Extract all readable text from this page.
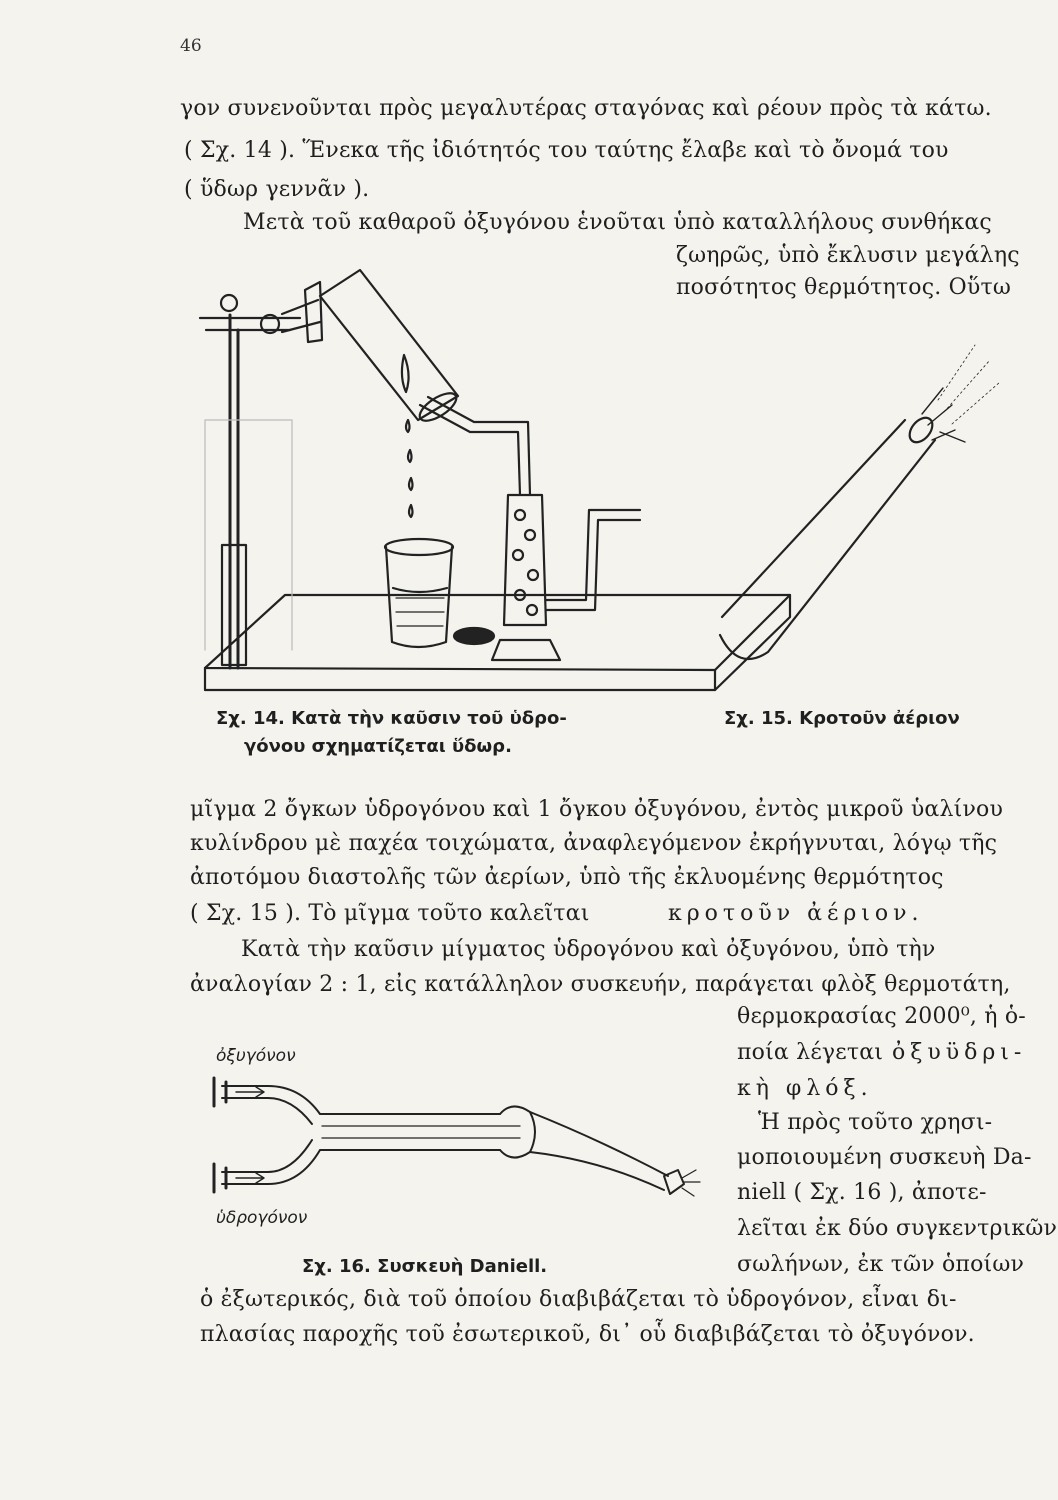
46
γον συνενοῦνται πρὸς μεγαλυτέρας σταγόνας καὶ ρέουν πρὸς τὰ κάτω.
( Σχ. 14 ). Ἕνεκα τῆς ἰδιότητός του ταύτης ἔλαβε καὶ τὸ ὄνομά του
( ὕδωρ γεννᾶν ).
Μετὰ τοῦ καθαροῦ ὀξυγόνου ἑνοῦται ὑπὸ καταλλήλους συνθήκας
ζωηρῶς, ὑπὸ ἔκλυσιν μεγάλης
ποσότητος θερμότητος. Οὕτω
Σχ. 14. Κατὰ τὴν καῦσιν τοῦ ὑδρο-
γόνου σχηματίζεται ὕδωρ.
Σχ. 15. Κροτοῦν ἀέριον
μῖγμα 2 ὄγκων ὑδρογόνου καὶ 1 ὄγκου ὀξυγόνου, ἐντὸς μικροῦ ὑαλίνου
κυλίνδρου μὲ παχέα τοιχώματα, ἀναφλεγόμενον ἐκρήγνυται, λόγῳ τῆς
ἀποτόμου διαστολῆς τῶν ἀερίων, ὑπὸ τῆς ἐκλυομένης θερμότητος
( Σχ. 15 ). Τὸ μῖγμα τοῦτο καλεῖται	κροτοῦν ἀέριον.
Κατὰ τὴν καῦσιν μίγματος ὑδρογόνου καὶ ὀξυγόνου, ὑπὸ τὴν
ἀναλογίαν 2 : 1, εἰς κατάλληλον συσκευήν, παράγεται φλὸξ θερμοτάτη,
θερμοκρασίας 2000⁰, ἡ ὁ-
ποία λέγεται ὀξυϋδρι-
κὴ φλόξ.
Ἡ πρὸς τοῦτο χρησι-
μοποιουμένη συσκευὴ Da-
niell ( Σχ. 16 ), ἀποτε-
λεῖται ἐκ δύο συγκεντρικῶν
σωλήνων, ἐκ τῶν ὁποίων
ὁ ἐξωτερικός, διὰ τοῦ ὁποίου διαβιβάζεται τὸ ὑδρογόνον, εἶναι δι-
πλασίας παροχῆς τοῦ ἐσωτερικοῦ, δι᾽ οὗ διαβιβάζεται τὸ ὀξυγόνον.
ὀξυγόνον
ὑδρογόνον
Σχ. 16. Συσκευὴ Daniell.
